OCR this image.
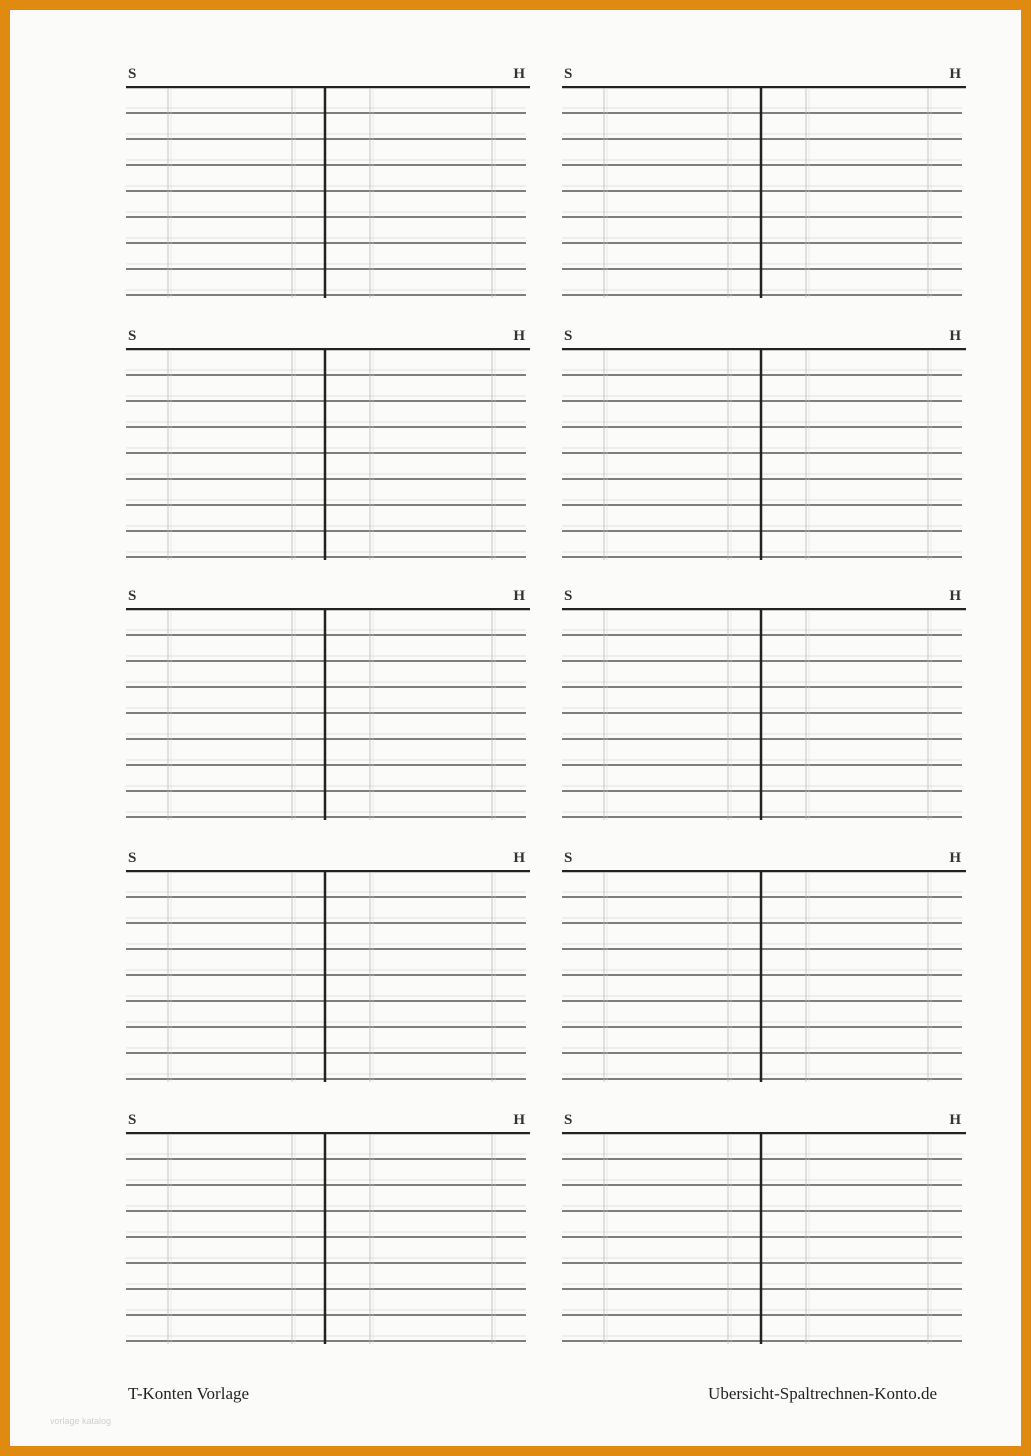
S	H	S	H
S	H	S	H
S	H	S	H
S	H	S	H
S	H	S	H
T-Konten Vorlage	Ubersicht-Spaltrechnen-Konto.de
vorlage katalog
